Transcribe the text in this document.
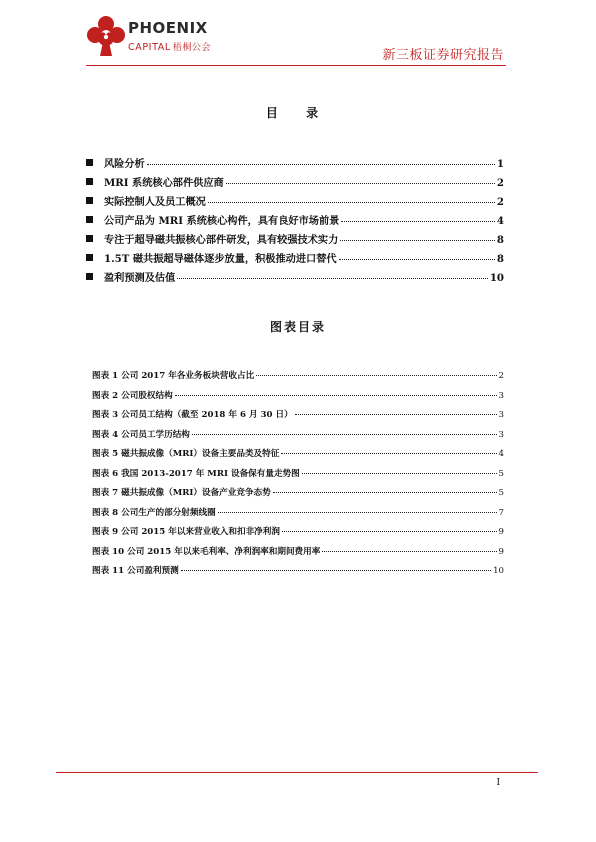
PHOENIX
CAPITAL 梧桐公会	新三板证券研究报告
目 录
风险分析	1
MRI 系统核心部件供应商	2
实际控制人及员工概况	2
公司产品为 MRI 系统核心构件，具有良好市场前景	4
专注于超导磁共振核心部件研发，具有较强技术实力	8
1.5T 磁共振超导磁体逐步放量，积极推动进口替代	8
盈利预测及估值	10
图表目录
图表 1 公司 2017 年各业务板块营收占比	2
图表 2 公司股权结构	3
图表 3 公司员工结构（截至 2018 年 6 月 30 日）	3
图表 4 公司员工学历结构	3
图表 5 磁共振成像（MRI）设备主要品类及特征	4
图表 6 我国 2013-2017 年 MRI 设备保有量走势图	5
图表 7 磁共振成像（MRI）设备产业竞争态势	5
图表 8 公司生产的部分射频线圈	7
图表 9 公司 2015 年以来营业收入和扣非净利润	9
图表 10 公司 2015 年以来毛利率、净利润率和期间费用率	9
图表 11 公司盈利预测	10
I
